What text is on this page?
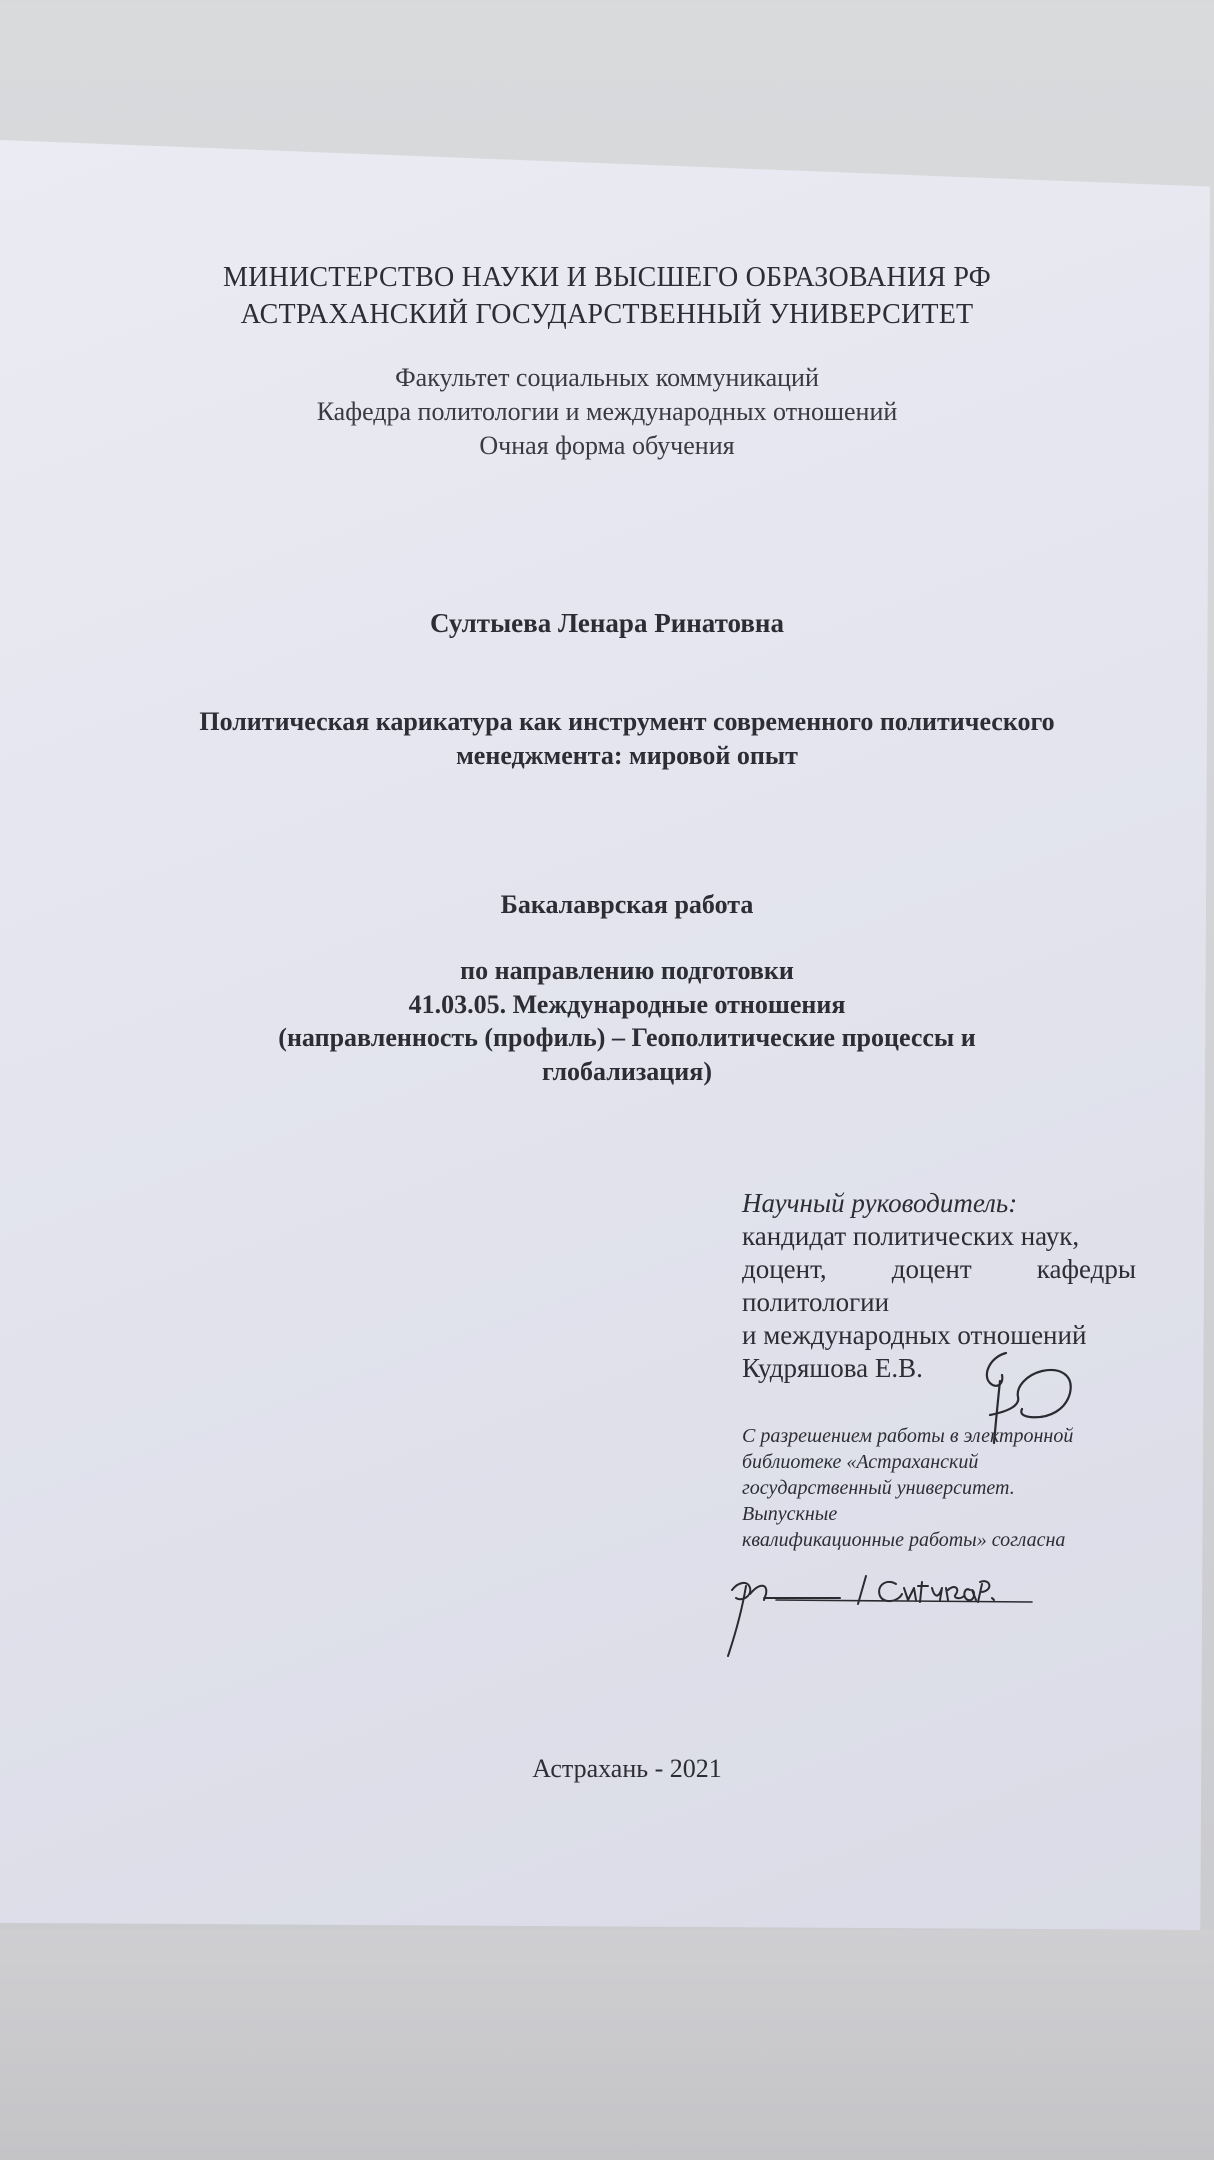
МИНИСТЕРСТВО НАУКИ И ВЫСШЕГО ОБРАЗОВАНИЯ РФ

АСТРАХАНСКИЙ ГОСУДАРСТВЕННЫЙ УНИВЕРСИТЕТ

Факультет социальных коммуникаций

Кафедра политологии и международных отношений

Очная форма обучения

Султыева Ленара Ринатовна

Политическая карикатура как инструмент современного политического

менеджмента: мировой опыт

Бакалаврская работа

по направлению подготовки

41.03.05. Международные отношения

(направленность (профиль) – Геополитические процессы и

глобализация)

Научный руководитель:
кандидат политических наук,
доцент, доцент кафедры
политологии
и международных отношений
Кудряшова Е.В.
С разрешением работы в электронной
библиотеке «Астраханский
государственный университет.
Выпускные
квалификационные работы» согласна

Астрахань - 2021
